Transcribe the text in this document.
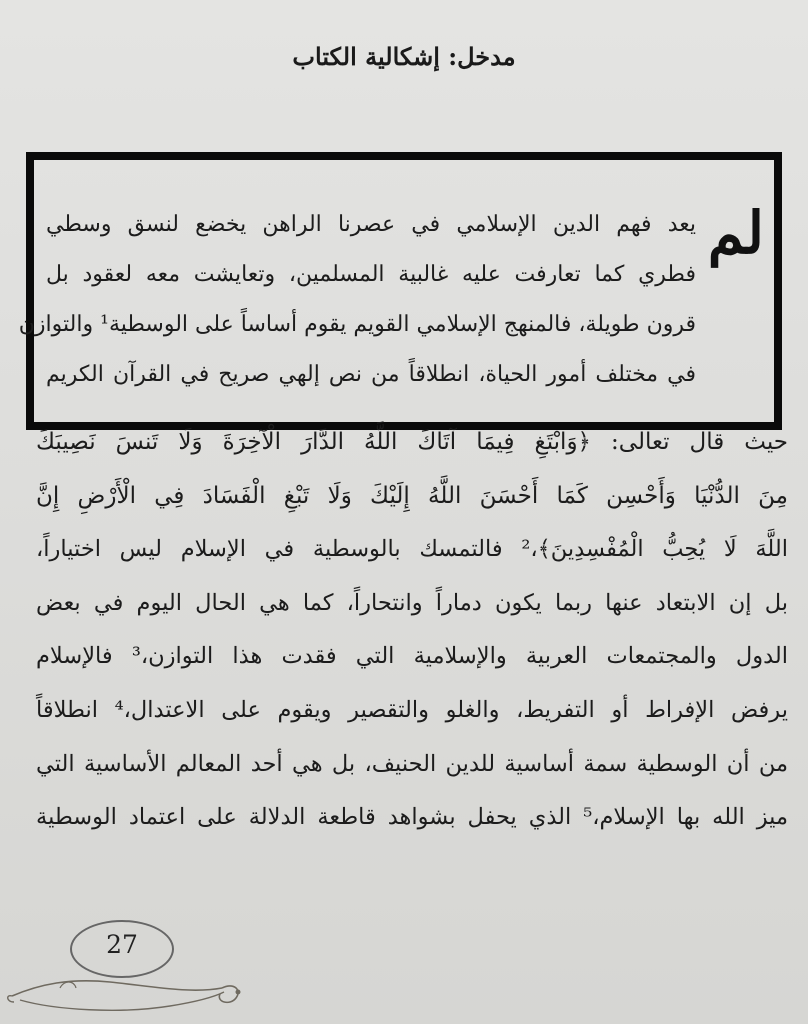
مدخل: إشكالية الكتاب
لم
يعد فهم الدين الإسلامي في عصرنا الراهن يخضع لنسق وسطي
فطري كما تعارفت عليه غالبية المسلمين، وتعايشت معه لعقود بل
قرون طويلة، فالمنهج الإسلامي القويم يقوم أساساً على الوسطية¹ والتوازن
في مختلف أمور الحياة، انطلاقاً من نص إلهي صريح في القرآن الكريم
حيث قال تعالى: ﴿وَابْتَغِ فِيمَا آتَاكَ اللَّهُ الدَّارَ الْآخِرَةَ وَلَا تَنسَ نَصِيبَكَ
مِنَ الدُّنْيَا وَأَحْسِن كَمَا أَحْسَنَ اللَّهُ إِلَيْكَ وَلَا تَبْغِ الْفَسَادَ فِي الْأَرْضِ إِنَّ
اللَّهَ لَا يُحِبُّ الْمُفْسِدِينَ﴾،² فالتمسك بالوسطية في الإسلام ليس اختياراً،
بل إن الابتعاد عنها ربما يكون دماراً وانتحاراً، كما هي الحال اليوم في بعض
الدول والمجتمعات العربية والإسلامية التي فقدت هذا التوازن،³ فالإسلام
يرفض الإفراط أو التفريط، والغلو والتقصير ويقوم على الاعتدال،⁴ انطلاقاً
من أن الوسطية سمة أساسية للدين الحنيف، بل هي أحد المعالم الأساسية التي
ميز الله بها الإسلام،⁵ الذي يحفل بشواهد قاطعة الدلالة على اعتماد الوسطية
27
